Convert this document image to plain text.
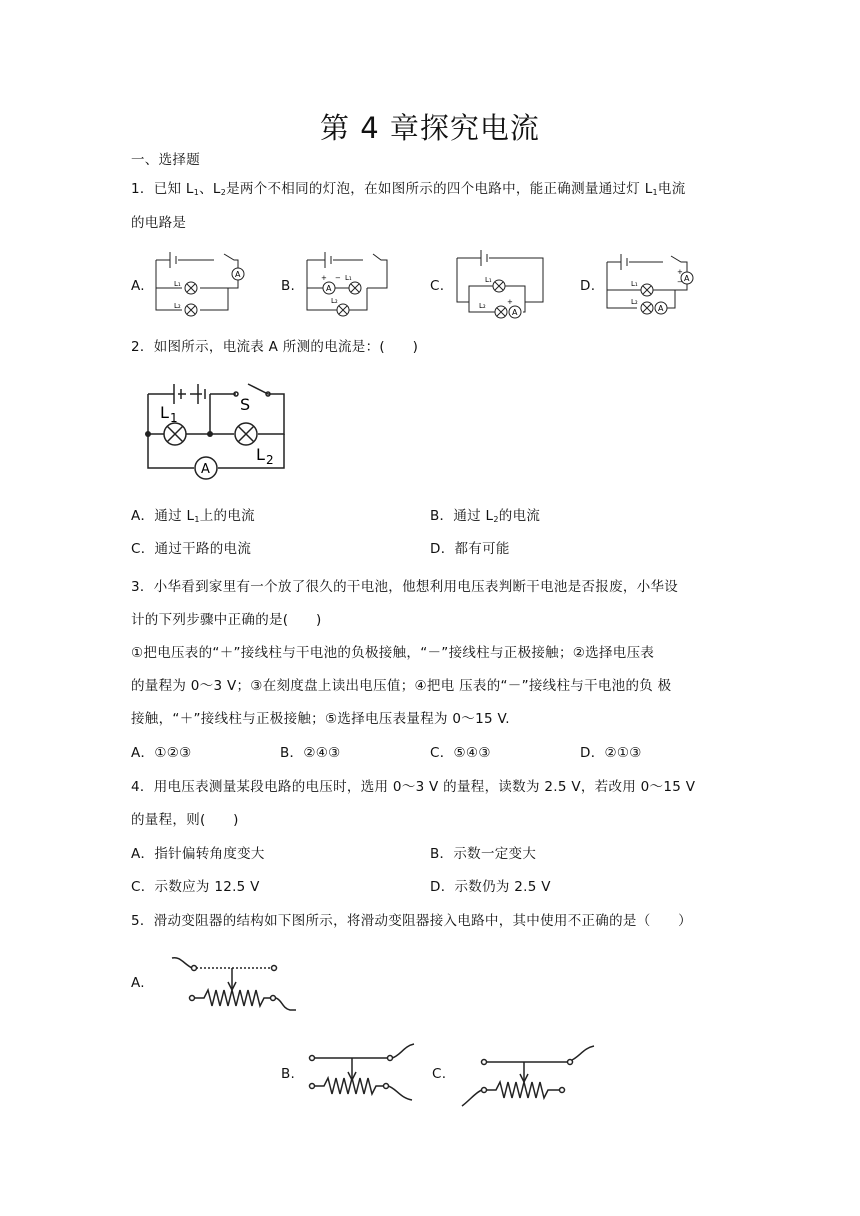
第 4 章探究电流
一、选择题
1．已知 $L_1$、$L_2$是两个不相同的灯泡，在如图所示的四个电路中，能正确测量通过灯 $L_1$电流
的电路是
A.	B.	C.	D.
A
L₁
L₂
A
+ − L₁
L₂
A
L₁
L₂	+
A
A
L₁
L₂
+
−
2．如图所示，电流表 A 所测的电流是：(　　)
L 1
S
L 2
A
A．通过 $L_1$上的电流	B．通过 $L_2$的电流
C．通过干路的电流	D．都有可能
3．小华看到家里有一个放了很久的干电池，他想利用电压表判断干电池是否报废，小华设
计的下列步骤中正确的是(　　)
①把电压表的“＋”接线柱与干电池的负极接触，“－”接线柱与正极接触；②选择电压表
的量程为 0～3 V；③在刻度盘上读出电压值；④把电 压表的“－”接线柱与干电池的负 极
接触，“＋”接线柱与正极接触；⑤选择电压表量程为 0～15 V.
A．①②③	B．②④③	C．⑤④③	D．②①③
4．用电压表测量某段电路的电压时，选用 0～3 V 的量程，读数为 2.5 V，若改用 0～15 V
的量程，则(　　)
A．指针偏转角度变大	B．示数一定变大
C．示数应为 12.5 V	D．示数仍为 2.5 V
5．滑动变阻器的结构如下图所示，将滑动变阻器接入电路中，其中使用不正确的是（　　）
A.
B.	C.
